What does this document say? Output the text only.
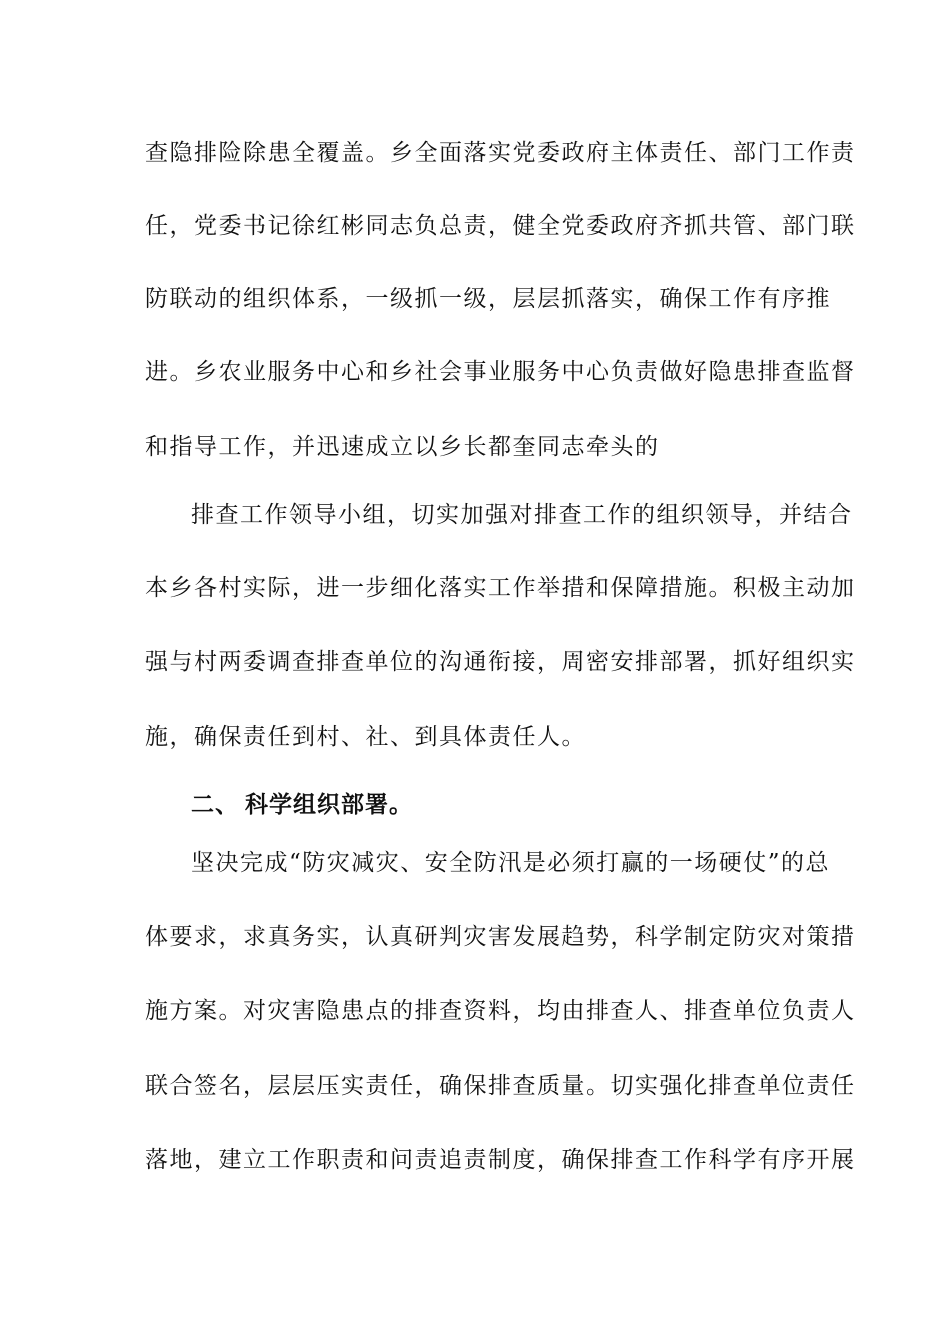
查隐排险除患全覆盖。乡全面落实党委政府主体责任、部门工作责
任，党委书记徐红彬同志负总责，健全党委政府齐抓共管、部门联
防联动的组织体系，一级抓一级，层层抓落实，确保工作有序推
进。乡农业服务中心和乡社会事业服务中心负责做好隐患排查监督
和指导工作，并迅速成立以乡长都奎同志牵头的
排查工作领导小组，切实加强对排查工作的组织领导，并结合
本乡各村实际，进一步细化落实工作举措和保障措施。积极主动加
强与村两委调查排查单位的沟通衔接，周密安排部署，抓好组织实
施，确保责任到村、社、到具体责任人。
二、 科学组织部署。
坚决完成“防灾减灾、安全防汛是必须打赢的一场硬仗”的总
体要求，求真务实，认真研判灾害发展趋势，科学制定防灾对策措
施方案。对灾害隐患点的排查资料，均由排查人、排查单位负责人
联合签名，层层压实责任，确保排查质量。切实强化排查单位责任
落地，建立工作职责和问责追责制度，确保排查工作科学有序开展
